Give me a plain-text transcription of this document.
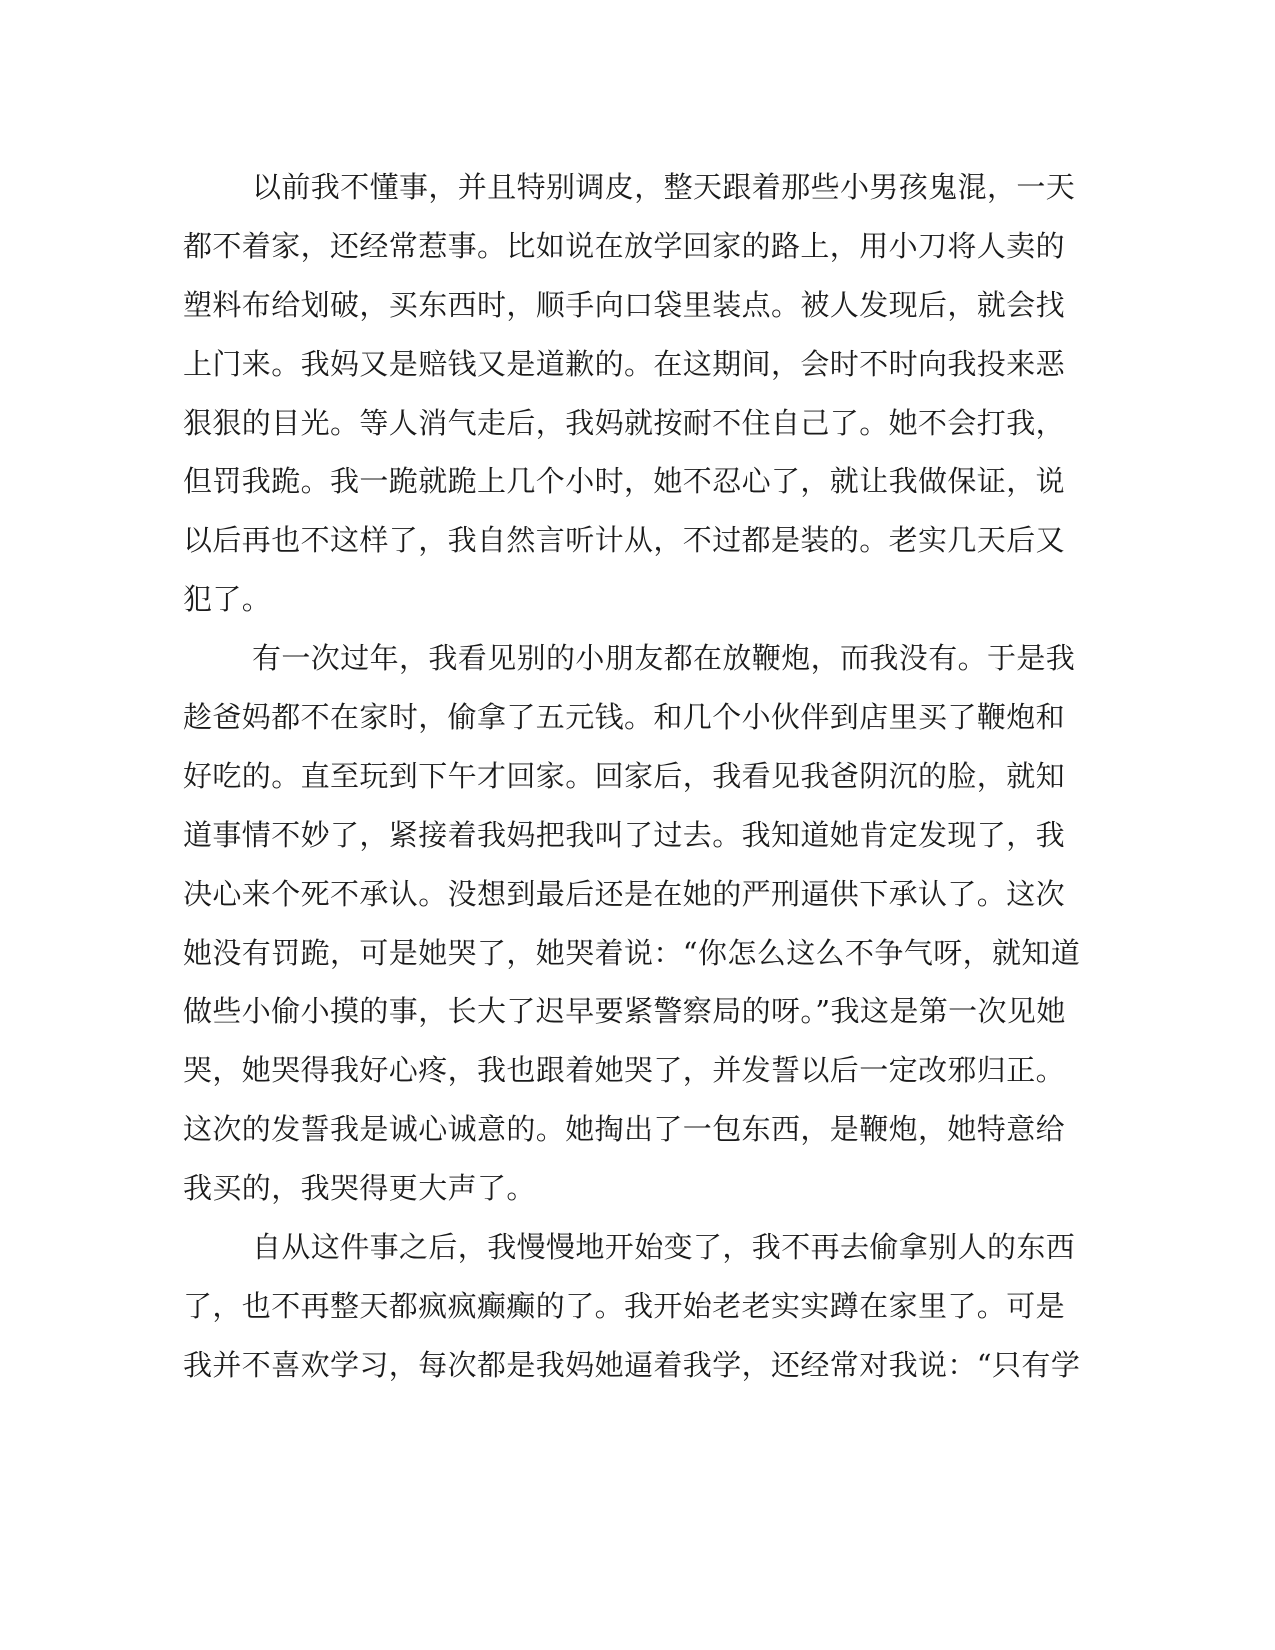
以前我不懂事，并且特别调皮，整天跟着那些小男孩鬼混，一天
都不着家，还经常惹事。比如说在放学回家的路上，用小刀将人卖的
塑料布给划破，买东西时，顺手向口袋里装点。被人发现后，就会找
上门来。我妈又是赔钱又是道歉的。在这期间，会时不时向我投来恶
狠狠的目光。等人消气走后，我妈就按耐不住自己了。她不会打我，
但罚我跪。我一跪就跪上几个小时，她不忍心了，就让我做保证，说
以后再也不这样了，我自然言听计从，不过都是装的。老实几天后又
犯了。
有一次过年，我看见别的小朋友都在放鞭炮，而我没有。于是我
趁爸妈都不在家时，偷拿了五元钱。和几个小伙伴到店里买了鞭炮和
好吃的。直至玩到下午才回家。回家后，我看见我爸阴沉的脸，就知
道事情不妙了，紧接着我妈把我叫了过去。我知道她肯定发现了，我
决心来个死不承认。没想到最后还是在她的严刑逼供下承认了。这次
她没有罚跪，可是她哭了，她哭着说：“你怎么这么不争气呀，就知道
做些小偷小摸的事，长大了迟早要紧警察局的呀。”我这是第一次见她
哭，她哭得我好心疼，我也跟着她哭了，并发誓以后一定改邪归正。
这次的发誓我是诚心诚意的。她掏出了一包东西，是鞭炮，她特意给
我买的，我哭得更大声了。
自从这件事之后，我慢慢地开始变了，我不再去偷拿别人的东西
了，也不再整天都疯疯癫癫的了。我开始老老实实蹲在家里了。可是
我并不喜欢学习，每次都是我妈她逼着我学，还经常对我说：“只有学
